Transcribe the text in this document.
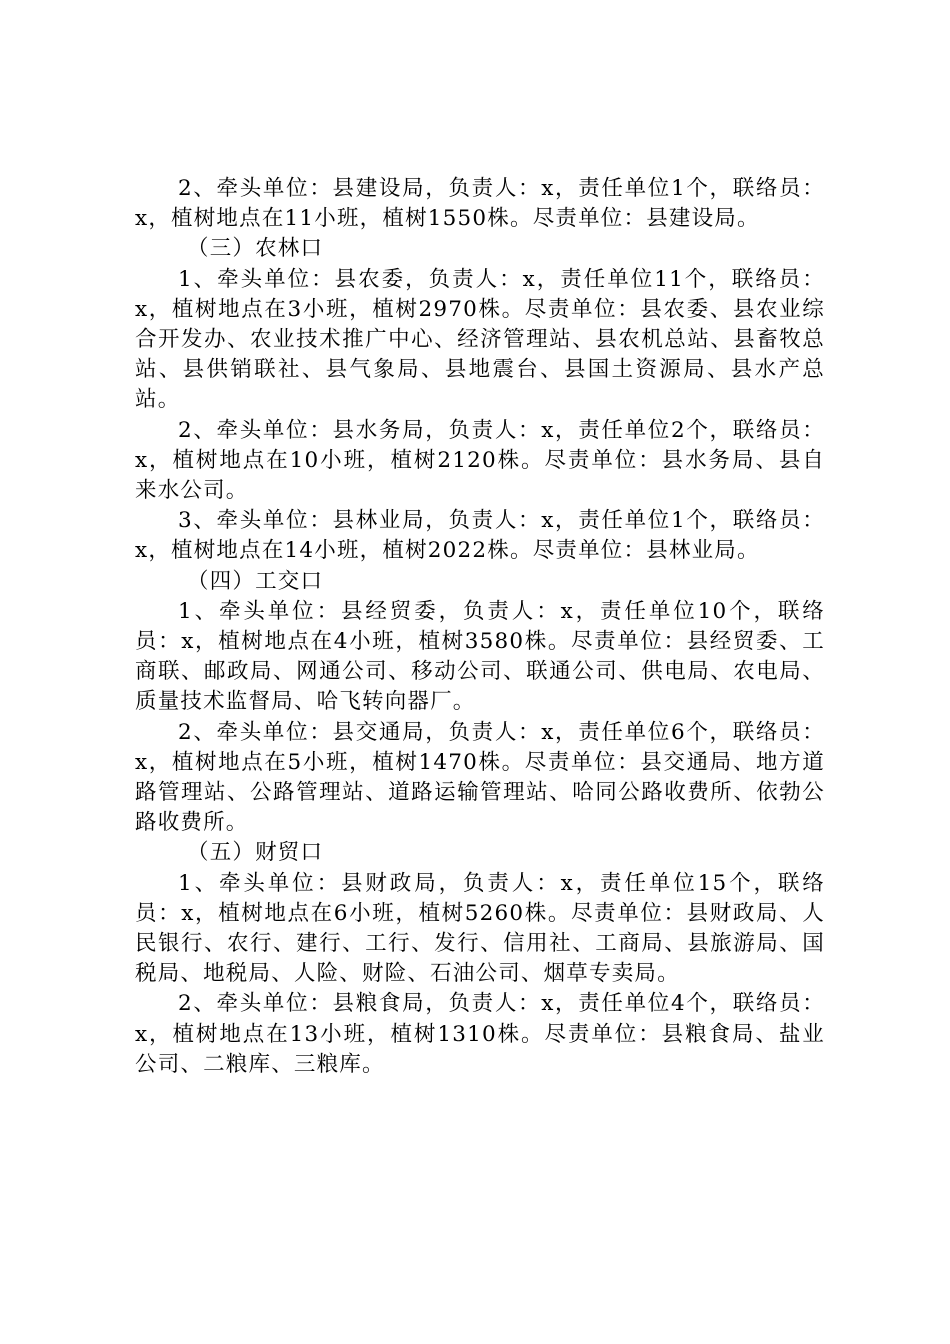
2、牵头单位：县建设局，负责人：x，责任单位1个，联络员：x，植树地点在11小班，植树1550株。尽责单位：县建设局。

（三）农林口

1、牵头单位：县农委，负责人：x，责任单位11个，联络员：x，植树地点在3小班，植树2970株。尽责单位：县农委、县农业综合开发办、农业技术推广中心、经济管理站、县农机总站、县畜牧总站、县供销联社、县气象局、县地震台、县国土资源局、县水产总站。

2、牵头单位：县水务局，负责人：x，责任单位2个，联络员：x，植树地点在10小班，植树2120株。尽责单位：县水务局、县自来水公司。

3、牵头单位：县林业局，负责人：x，责任单位1个，联络员：x，植树地点在14小班，植树2022株。尽责单位：县林业局。

（四）工交口

1、牵头单位：县经贸委，负责人：x，责任单位10个，联络员：x，植树地点在4小班，植树3580株。尽责单位：县经贸委、工商联、邮政局、网通公司、移动公司、联通公司、供电局、农电局、质量技术监督局、哈飞转向器厂。

2、牵头单位：县交通局，负责人：x，责任单位6个，联络员：x，植树地点在5小班，植树1470株。尽责单位：县交通局、地方道路管理站、公路管理站、道路运输管理站、哈同公路收费所、依勃公路收费所。

（五）财贸口

1、牵头单位：县财政局，负责人：x，责任单位15个，联络员：x，植树地点在6小班，植树5260株。尽责单位：县财政局、人民银行、农行、建行、工行、发行、信用社、工商局、县旅游局、国税局、地税局、人险、财险、石油公司、烟草专卖局。

2、牵头单位：县粮食局，负责人：x，责任单位4个，联络员：x，植树地点在13小班，植树1310株。尽责单位：县粮食局、盐业公司、二粮库、三粮库。
